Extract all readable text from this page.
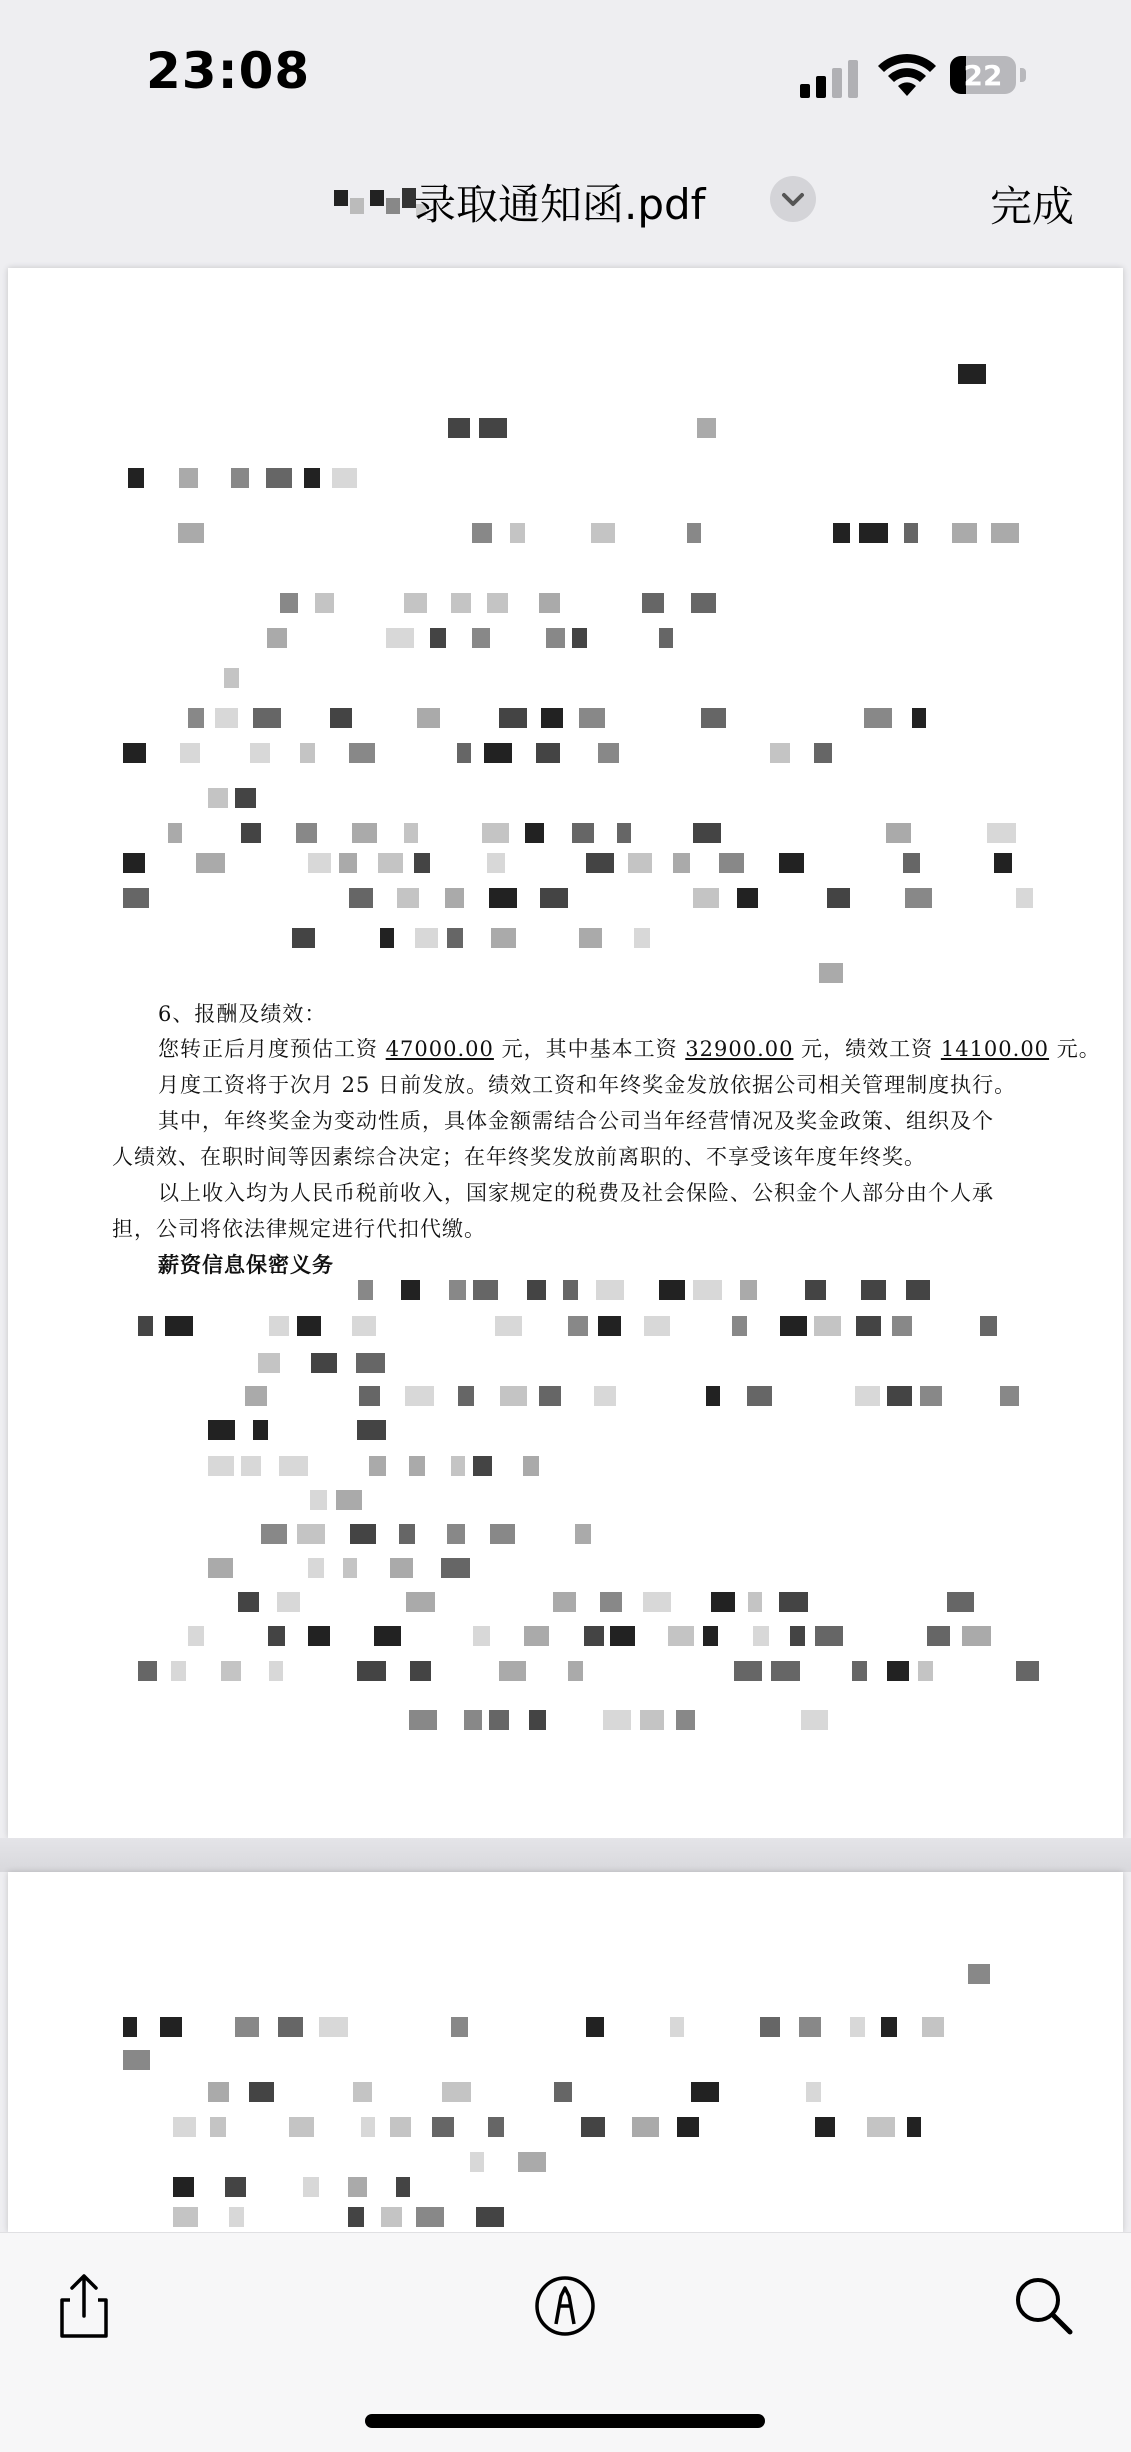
23:08	22
录取通知函.pdf	完成
6、报酬及绩效：
您转正后月度预估工资 47000.00 元，其中基本工资 32900.00 元，绩效工资 14100.00 元。
月度工资将于次月 25 日前发放。绩效工资和年终奖金发放依据公司相关管理制度执行。
其中，年终奖金为变动性质，具体金额需结合公司当年经营情况及奖金政策、组织及个
人绩效、在职时间等因素综合决定；在年终奖发放前离职的、不享受该年度年终奖。
以上收入均为人民币税前收入，国家规定的税费及社会保险、公积金个人部分由个人承
担，公司将依法律规定进行代扣代缴。
薪资信息保密义务
